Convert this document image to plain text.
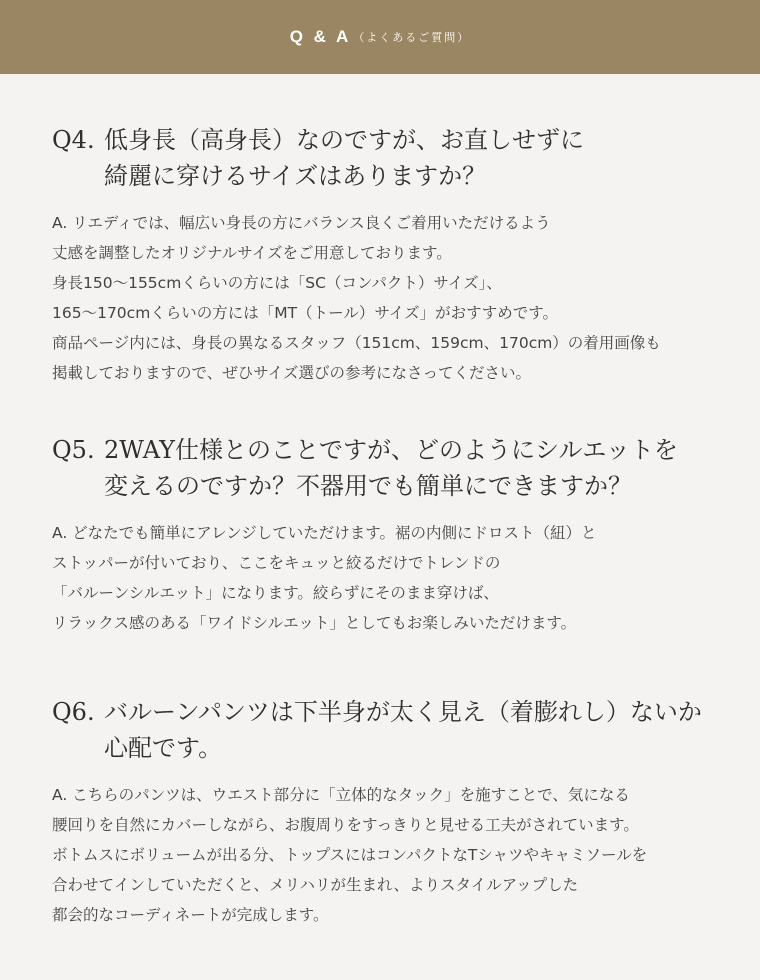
Q & A （よくあるご質問）
Q4. 低身長（高身長）なのですが、お直しせずに
綺麗に穿けるサイズはありますか？

A. リエディでは、幅広い身長の方にバランス良くご着用いただけるよう

丈感を調整したオリジナルサイズをご用意しております。

身長150〜155cmくらいの方には「SC（コンパクト）サイズ」、

165〜170cmくらいの方には「MT（トール）サイズ」がおすすめです。

商品ページ内には、身長の異なるスタッフ（151cm、159cm、170cm）の着用画像も

掲載しておりますので、ぜひサイズ選びの参考になさってください。

Q5. 2WAY仕様とのことですが、どのようにシルエットを
変えるのですか？不器用でも簡単にできますか？

A. どなたでも簡単にアレンジしていただけます。裾の内側にドロスト（紐）と

ストッパーが付いており、ここをキュッと絞るだけでトレンドの

「バルーンシルエット」になります。絞らずにそのまま穿けば、

リラックス感のある「ワイドシルエット」としてもお楽しみいただけます。

Q6. バルーンパンツは下半身が太く見え（着膨れし）ないか
心配です。

A. こちらのパンツは、ウエスト部分に「立体的なタック」を施すことで、気になる

腰回りを自然にカバーしながら、お腹周りをすっきりと見せる工夫がされています。

ボトムスにボリュームが出る分、トップスにはコンパクトなTシャツやキャミソールを

合わせてインしていただくと、メリハリが生まれ、よりスタイルアップした

都会的なコーディネートが完成します。
